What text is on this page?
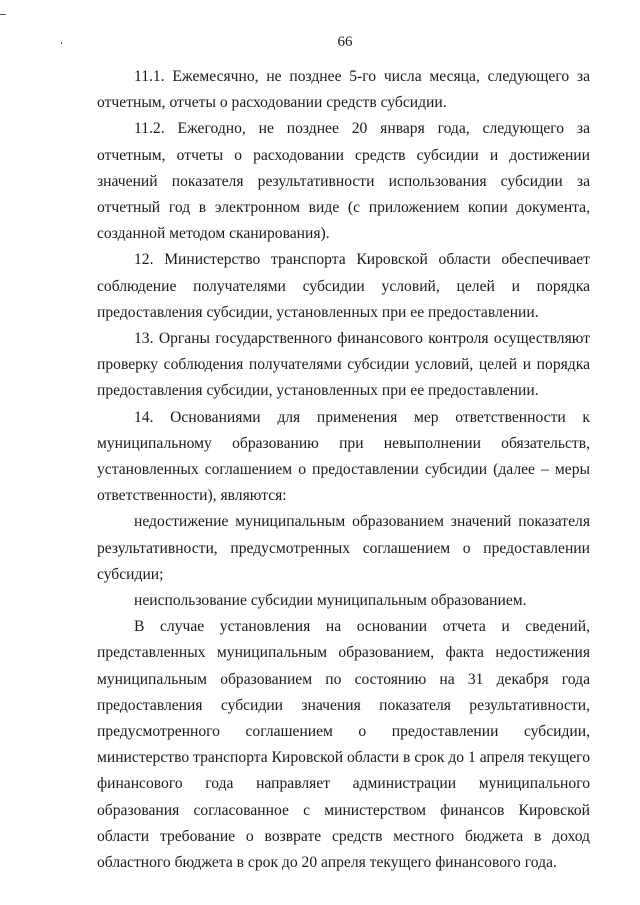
66

11.1. Ежемесячно, не позднее 5-го числа месяца, следующего за отчетным, отчеты о расходовании средств субсидии.

11.2. Ежегодно, не позднее 20 января года, следующего за отчетным, отчеты о расходовании средств субсидии и достижении значений показателя результативности использования субсидии за отчетный год в электронном виде (с приложением копии документа, созданной методом сканирования).

12. Министерство транспорта Кировской области обеспечивает соблюдение получателями субсидии условий, целей и порядка предоставления субсидии, установленных при ее предоставлении.

13. Органы государственного финансового контроля осуществляют проверку соблюдения получателями субсидии условий, целей и порядка предоставления субсидии, установленных при ее предоставлении.

14. Основаниями для применения мер ответственности к муниципальному образованию при невыполнении обязательств, установленных соглашением о предоставлении субсидии (далее – меры ответственности), являются:

недостижение муниципальным образованием значений показателя результативности, предусмотренных соглашением о предоставлении субсидии;

неиспользование субсидии муниципальным образованием.

В случае установления на основании отчета и сведений, представленных муниципальным образованием, факта недостижения муниципальным образованием по состоянию на 31 декабря года предоставления субсидии значения показателя результативности, предусмотренного соглашением о предоставлении субсидии, министерство транспорта Кировской области в срок до 1 апреля текущего финансового года направляет администрации муниципального образования согласованное с министерством финансов Кировской области требование о возврате средств местного бюджета в доход областного бюджета в срок до 20 апреля текущего финансового года.
